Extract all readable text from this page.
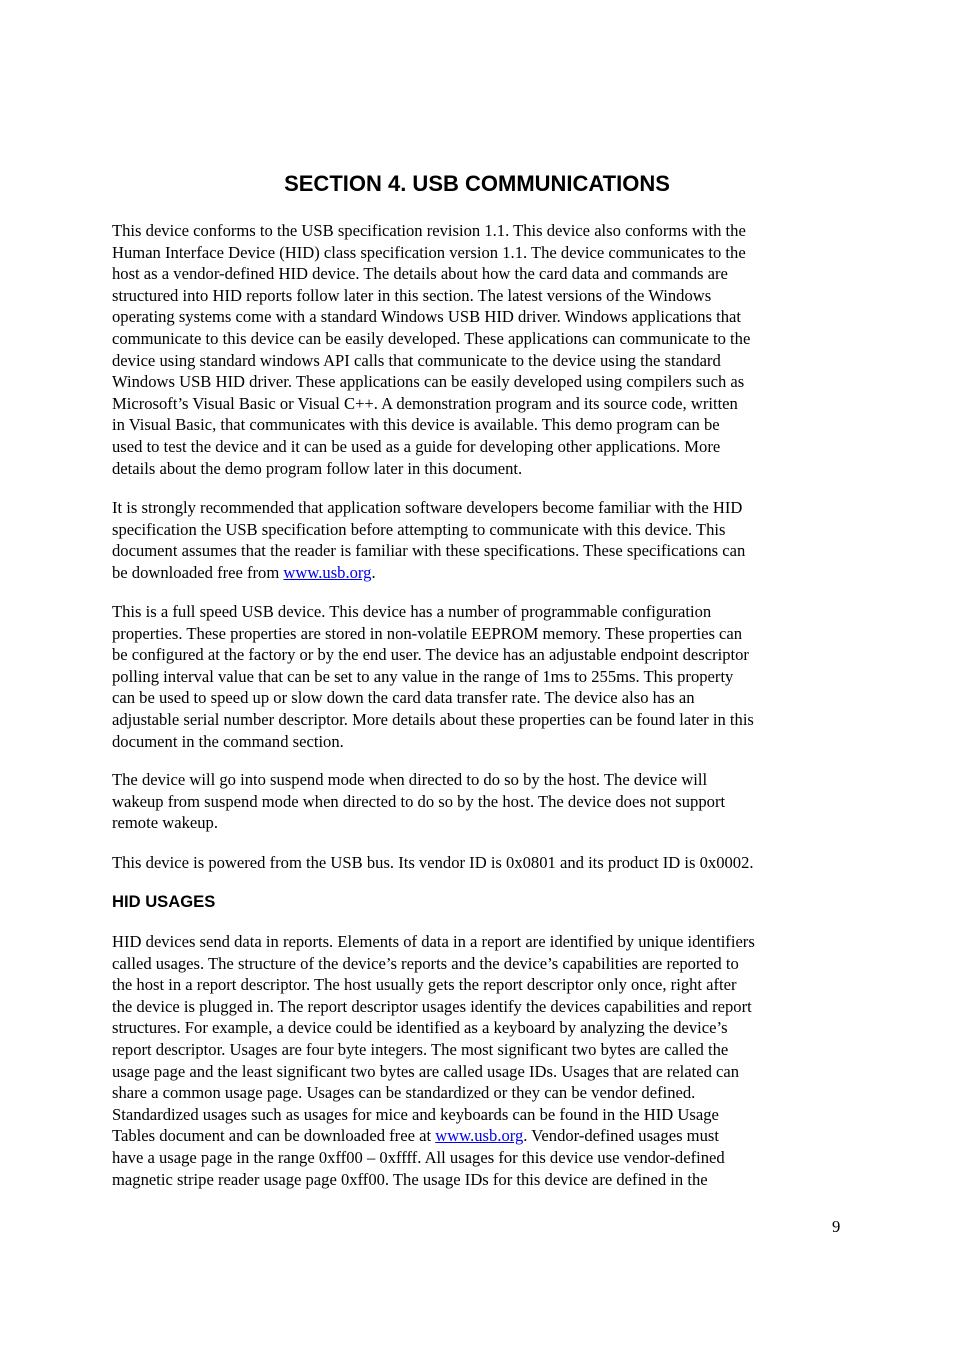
SECTION 4. USB COMMUNICATIONS

This device conforms to the USB specification revision 1.1. This device also conforms with the
Human Interface Device (HID) class specification version 1.1. The device communicates to the
host as a vendor-defined HID device. The details about how the card data and commands are
structured into HID reports follow later in this section. The latest versions of the Windows
operating systems come with a standard Windows USB HID driver. Windows applications that
communicate to this device can be easily developed. These applications can communicate to the
device using standard windows API calls that communicate to the device using the standard
Windows USB HID driver. These applications can be easily developed using compilers such as
Microsoft’s Visual Basic or Visual C++. A demonstration program and its source code, written
in Visual Basic, that communicates with this device is available. This demo program can be
used to test the device and it can be used as a guide for developing other applications. More
details about the demo program follow later in this document.

It is strongly recommended that application software developers become familiar with the HID
specification the USB specification before attempting to communicate with this device. This
document assumes that the reader is familiar with these specifications. These specifications can
be downloaded free from www.usb.org.

This is a full speed USB device. This device has a number of programmable configuration
properties. These properties are stored in non-volatile EEPROM memory. These properties can
be configured at the factory or by the end user. The device has an adjustable endpoint descriptor
polling interval value that can be set to any value in the range of 1ms to 255ms. This property
can be used to speed up or slow down the card data transfer rate. The device also has an
adjustable serial number descriptor. More details about these properties can be found later in this
document in the command section.

The device will go into suspend mode when directed to do so by the host. The device will
wakeup from suspend mode when directed to do so by the host. The device does not support
remote wakeup.

This device is powered from the USB bus. Its vendor ID is 0x0801 and its product ID is 0x0002.

HID USAGES

HID devices send data in reports. Elements of data in a report are identified by unique identifiers
called usages. The structure of the device’s reports and the device’s capabilities are reported to
the host in a report descriptor. The host usually gets the report descriptor only once, right after
the device is plugged in. The report descriptor usages identify the devices capabilities and report
structures. For example, a device could be identified as a keyboard by analyzing the device’s
report descriptor. Usages are four byte integers. The most significant two bytes are called the
usage page and the least significant two bytes are called usage IDs. Usages that are related can
share a common usage page. Usages can be standardized or they can be vendor defined.
Standardized usages such as usages for mice and keyboards can be found in the HID Usage
Tables document and can be downloaded free at www.usb.org. Vendor-defined usages must
have a usage page in the range 0xff00 – 0xffff. All usages for this device use vendor-defined
magnetic stripe reader usage page 0xff00. The usage IDs for this device are defined in the

9
